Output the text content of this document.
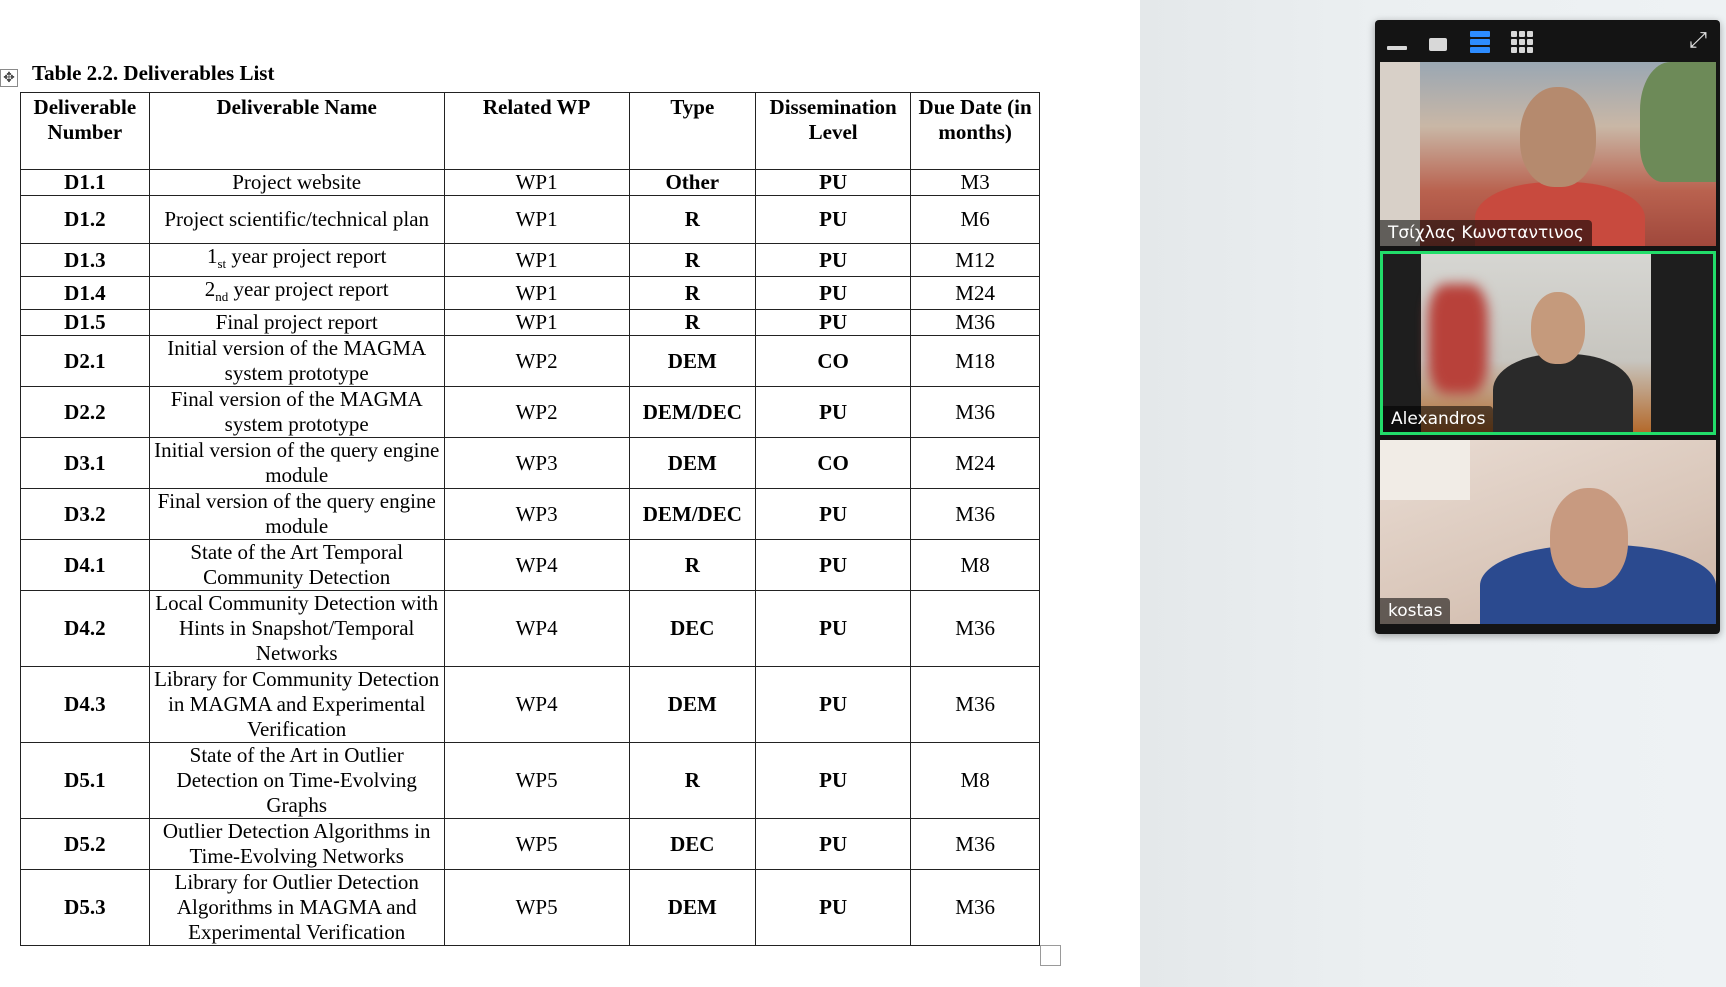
✥ Table 2.2. Deliverables List
Deliverable Number	Deliverable Name	Related WP	Type	Dissemination Level	Due Date (in months)
D1.1	Project website	WP1	Other	PU	M3
D1.2	Project scientific/technical plan	WP1	R	PU	M6
D1.3	$1_{st}$ year project report	WP1	R	PU	M12
D1.4	$2_{nd}$ year project report	WP1	R	PU	M24
D1.5	Final project report	WP1	R	PU	M36
D2.1	Initial version of the MAGMA system prototype	WP2	DEM	CO	M18
D2.2	Final version of the MAGMA system prototype	WP2	DEM/DEC	PU	M36
D3.1	Initial version of the query engine module	WP3	DEM	CO	M24
D3.2	Final version of the query engine module	WP3	DEM/DEC	PU	M36
D4.1	State of the Art Temporal Community Detection	WP4	R	PU	M8
D4.2	Local Community Detection with Hints in Snapshot/Temporal Networks	WP4	DEC	PU	M36
D4.3	Library for Community Detection in MAGMA and Experimental Verification	WP4	DEM	PU	M36
D5.1	State of the Art in Outlier Detection on Time-Evolving Graphs	WP5	R	PU	M8
D5.2	Outlier Detection Algorithms in Time-Evolving Networks	WP5	DEC	PU	M36
D5.3	Library for Outlier Detection Algorithms in MAGMA and Experimental Verification	WP5	DEM	PU	M36
⤢
Τσίχλας Κωνσταντινος
Alexandros
kostas
